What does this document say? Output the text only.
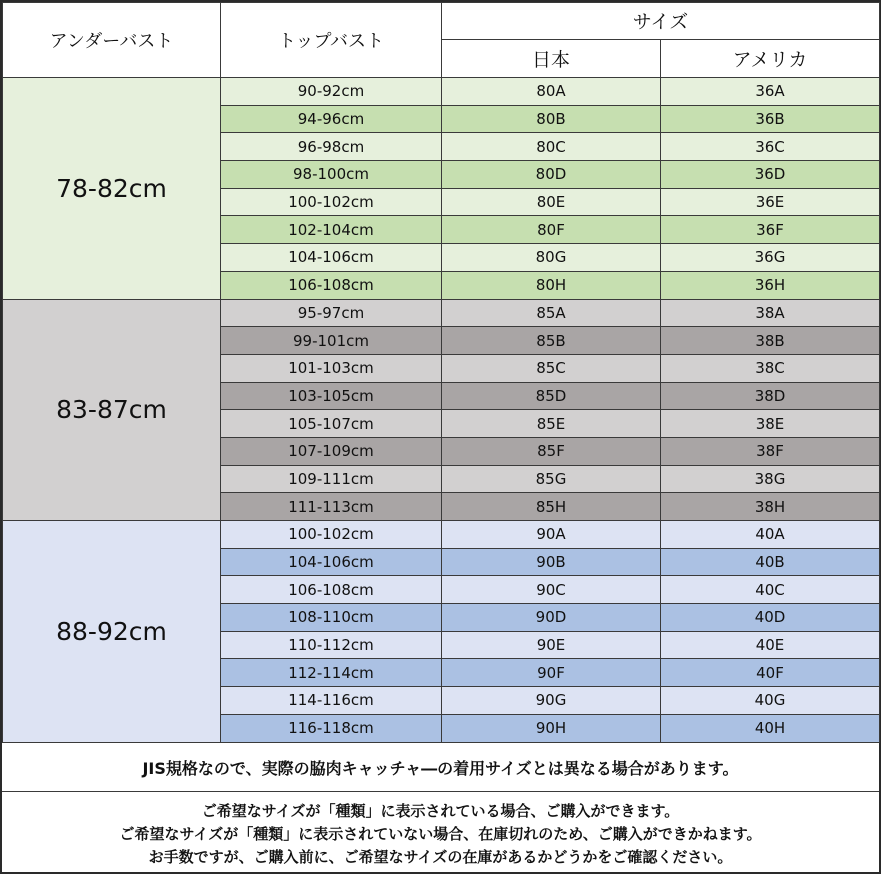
アンダーバスト	トップバスト	サイズ	
		日本	アメリカ
78-82cm	90-92cm	80A	36A
	94-96cm	80B	36B
	96-98cm	80C	36C
	98-100cm	80D	36D
	100-102cm	80E	36E
	102-104cm	80F	36F
	104-106cm	80G	36G
	106-108cm	80H	36H
83-87cm	95-97cm	85A	38A
	99-101cm	85B	38B
	101-103cm	85C	38C
	103-105cm	85D	38D
	105-107cm	85E	38E
	107-109cm	85F	38F
	109-111cm	85G	38G
	111-113cm	85H	38H
88-92cm	100-102cm	90A	40A
	104-106cm	90B	40B
	106-108cm	90C	40C
	108-110cm	90D	40D
	110-112cm	90E	40E
	112-114cm	90F	40F
	114-116cm	90G	40G
	116-118cm	90H	40H
JIS規格なので、実際の脇肉キャッチャ―の着用サイズとは異なる場合があります。
ご希望なサイズが「種類」に表示されている場合、ご購入ができます。
ご希望なサイズが「種類」に表示されていない場合、在庫切れのため、ご購入ができかねます。
お手数ですが、ご購入前に、ご希望なサイズの在庫があるかどうかをご確認ください。
